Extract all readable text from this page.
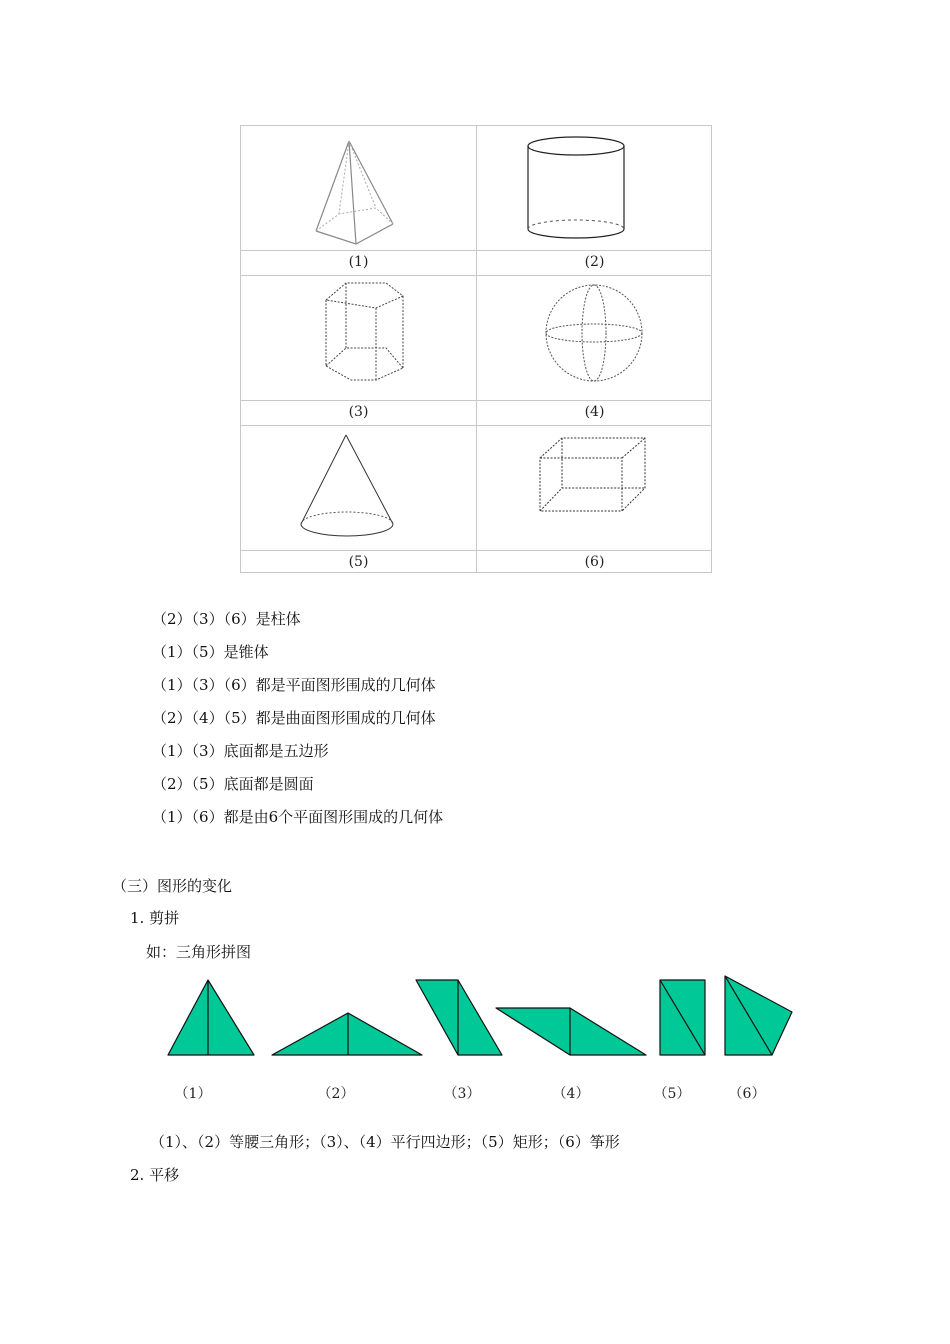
(1)	(2)
(3)	(4)
(5)	(6)
（2）（3）（6）是柱体
（1）（5）是锥体
（1）（3）（6）都是平面图形围成的几何体
（2）（4）（5）都是曲面图形围成的几何体
（1）（3）底面都是五边形
（2）（5）底面都是圆面
（1）（6）都是由6个平面图形围成的几何体
（三）图形的变化
1. 剪拼
如：三角形拼图
（1）	（2）	（3）	（4）	（5）	（6）
（1）、（2）等腰三角形；（3）、（4）平行四边形；（5）矩形；（6）筝形
2. 平移
